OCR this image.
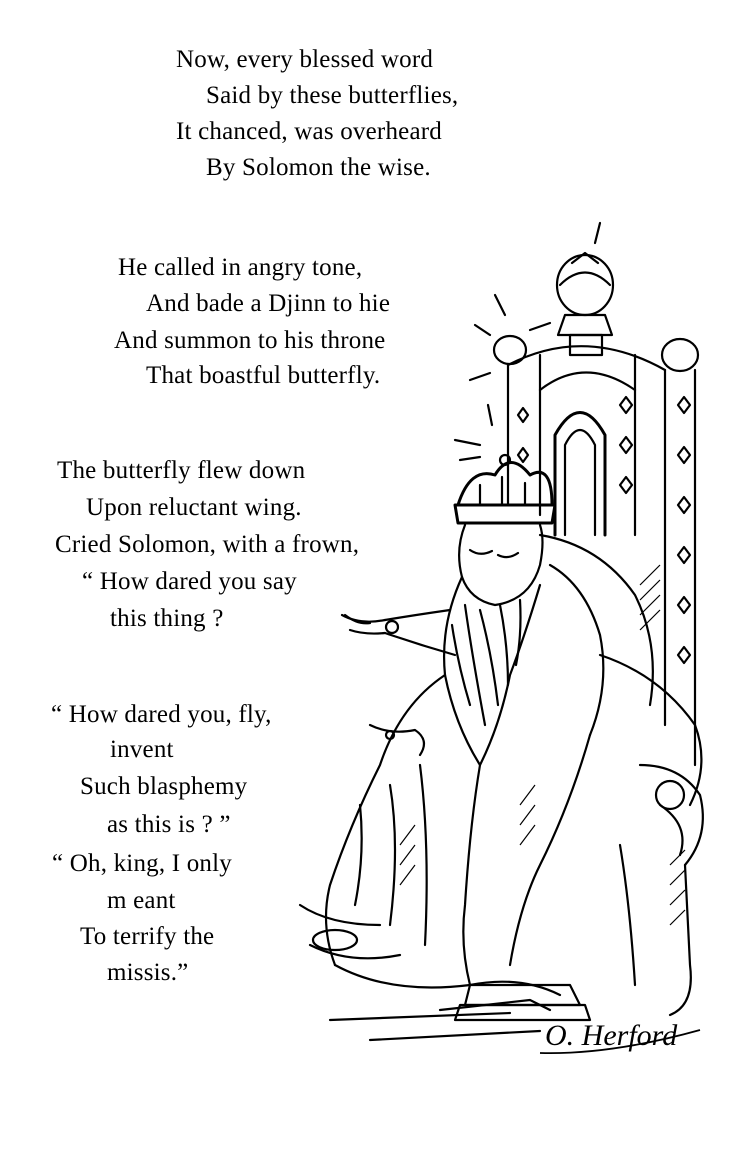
Now, every blessed word
Said by these butterflies,
It chanced, was overheard
By Solomon the wise.
He called in angry tone,
And bade a Djinn to hie
And summon to his throne
That boastful butterfly.
The butterfly flew down
Upon reluctant wing.
Cried Solomon, with a frown,
“ How dared you say
this thing ?
“ How dared you, fly,
invent
Such blasphemy
as this is ? ”
“ Oh, king, I only
m eant
To terrify the
missis.”
O. Herford
